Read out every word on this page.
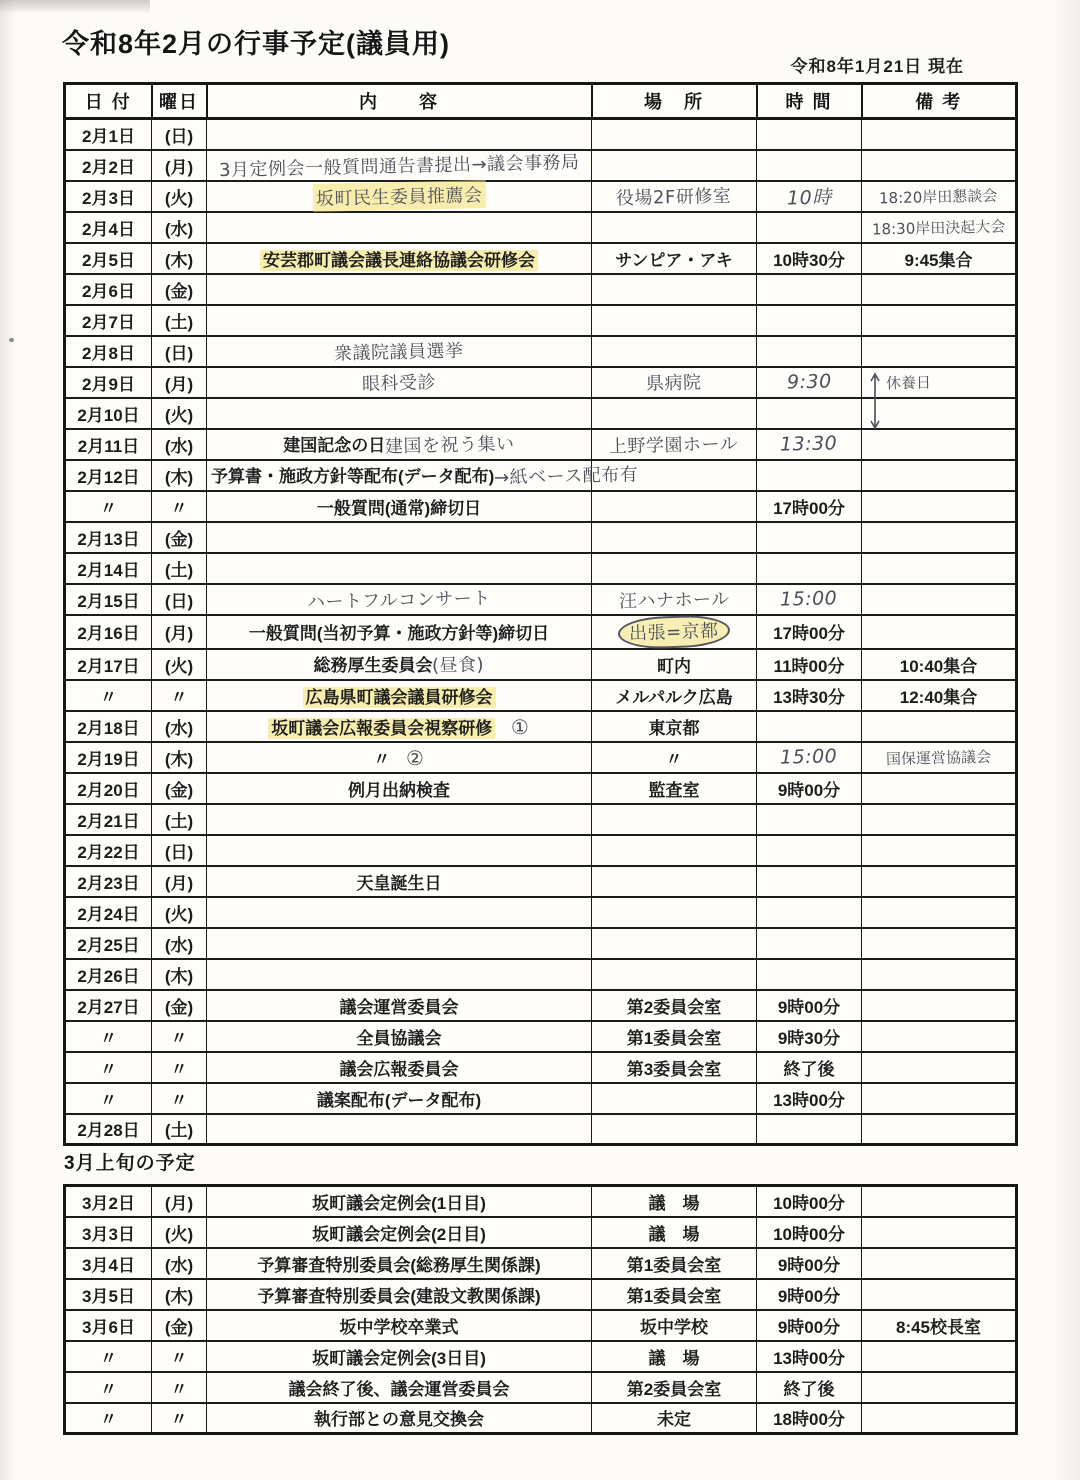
令和8年2月の行事予定(議員用)
令和8年1月21日 現在
日 付	曜日	内　　容	場　所	時 間	備 考
2月1日	(日)				
2月2日	(月)	3月定例会一般質問通告書提出→議会事務局			
2月3日	(火)	坂町民生委員推薦会	役場2F研修室	10時	18:20岸田懇談会
2月4日	(水)				18:30岸田決起大会
2月5日	(木)	安芸郡町議会議長連絡協議会研修会	サンピア・アキ	10時30分	9:45集合
2月6日	(金)				
2月7日	(土)				
2月8日	(日)	衆議院議員選挙			
2月9日	(月)	眼科受診	県病院	9:30	休養日
2月10日	(火)				
2月11日	(水)	建国記念の日建国を祝う集い	上野学園ホール	13:30	
2月12日	(木)	予算書・施政方針等配布(データ配布)→紙ベース配布有			
〃	〃	一般質問(通常)締切日		17時00分	
2月13日	(金)				
2月14日	(土)				
2月15日	(日)	ハートフルコンサート	汪ハナホール	15:00	
2月16日	(月)	一般質問(当初予算・施政方針等)締切日	出張=京都	17時00分	
2月17日	(火)	総務厚生委員会(昼食)	町内	11時00分	10:40集合
〃	〃	広島県町議会議員研修会	メルパルク広島	13時30分	12:40集合
2月18日	(水)	坂町議会広報委員会視察研修 ①	東京都		
2月19日	(木)	〃 ②	〃	15:00	国保運営協議会
2月20日	(金)	例月出納検査	監査室	9時00分	
2月21日	(土)				
2月22日	(日)				
2月23日	(月)	天皇誕生日			
2月24日	(火)				
2月25日	(水)				
2月26日	(木)				
2月27日	(金)	議会運営委員会	第2委員会室	9時00分	
〃	〃	全員協議会	第1委員会室	9時30分	
〃	〃	議会広報委員会	第3委員会室	終了後	
〃	〃	議案配布(データ配布)		13時00分	
2月28日	(土)				
3月上旬の予定
3月2日	(月)	坂町議会定例会(1日目)	議　場	10時00分	
3月3日	(火)	坂町議会定例会(2日目)	議　場	10時00分	
3月4日	(水)	予算審査特別委員会(総務厚生関係課)	第1委員会室	9時00分	
3月5日	(木)	予算審査特別委員会(建設文教関係課)	第1委員会室	9時00分	
3月6日	(金)	坂中学校卒業式	坂中学校	9時00分	8:45校長室
〃	〃	坂町議会定例会(3日目)	議　場	13時00分	
〃	〃	議会終了後、議会運営委員会	第2委員会室	終了後	
〃	〃	執行部との意見交換会	未定	18時00分	
